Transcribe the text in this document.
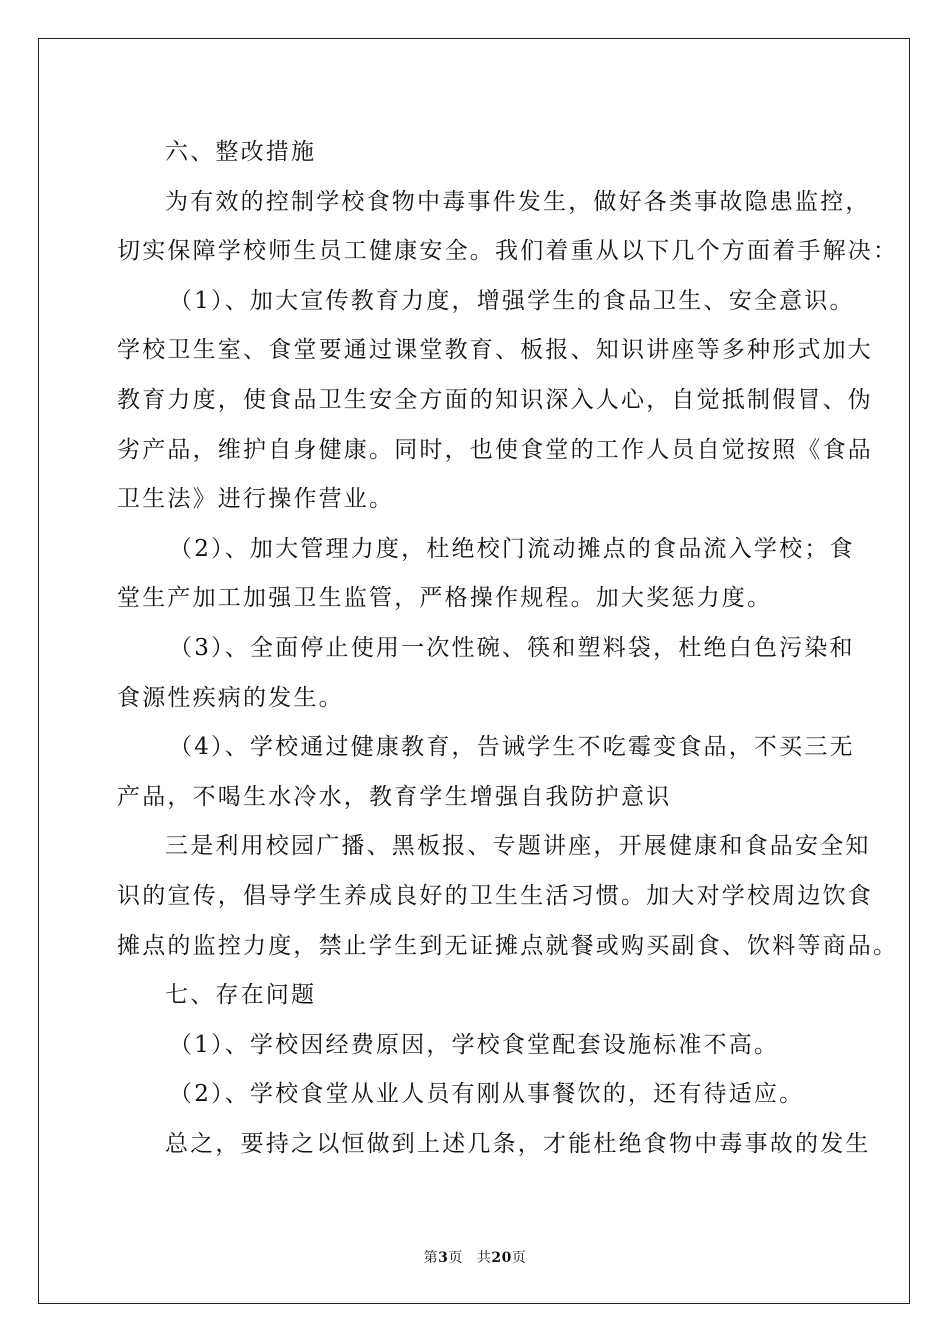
六、整改措施
为有效的控制学校食物中毒事件发生，做好各类事故隐患监控，
切实保障学校师生员工健康安全。我们着重从以下几个方面着手解决：
（1）、加大宣传教育力度，增强学生的食品卫生、安全意识。
学校卫生室、食堂要通过课堂教育、板报、知识讲座等多种形式加大
教育力度，使食品卫生安全方面的知识深入人心，自觉抵制假冒、伪
劣产品，维护自身健康。同时，也使食堂的工作人员自觉按照《食品
卫生法》进行操作营业。
（2）、加大管理力度，杜绝校门流动摊点的食品流入学校；食
堂生产加工加强卫生监管，严格操作规程。加大奖惩力度。
（3）、全面停止使用一次性碗、筷和塑料袋，杜绝白色污染和
食源性疾病的发生。
（4）、学校通过健康教育，告诫学生不吃霉变食品，不买三无
产品，不喝生水冷水，教育学生增强自我防护意识
三是利用校园广播、黑板报、专题讲座，开展健康和食品安全知
识的宣传，倡导学生养成良好的卫生生活习惯。加大对学校周边饮食
摊点的监控力度，禁止学生到无证摊点就餐或购买副食、饮料等商品。
七、存在问题
（1）、学校因经费原因，学校食堂配套设施标准不高。
（2）、学校食堂从业人员有刚从事餐饮的，还有待适应。
总之，要持之以恒做到上述几条，才能杜绝食物中毒事故的发生
第3页 共20页
